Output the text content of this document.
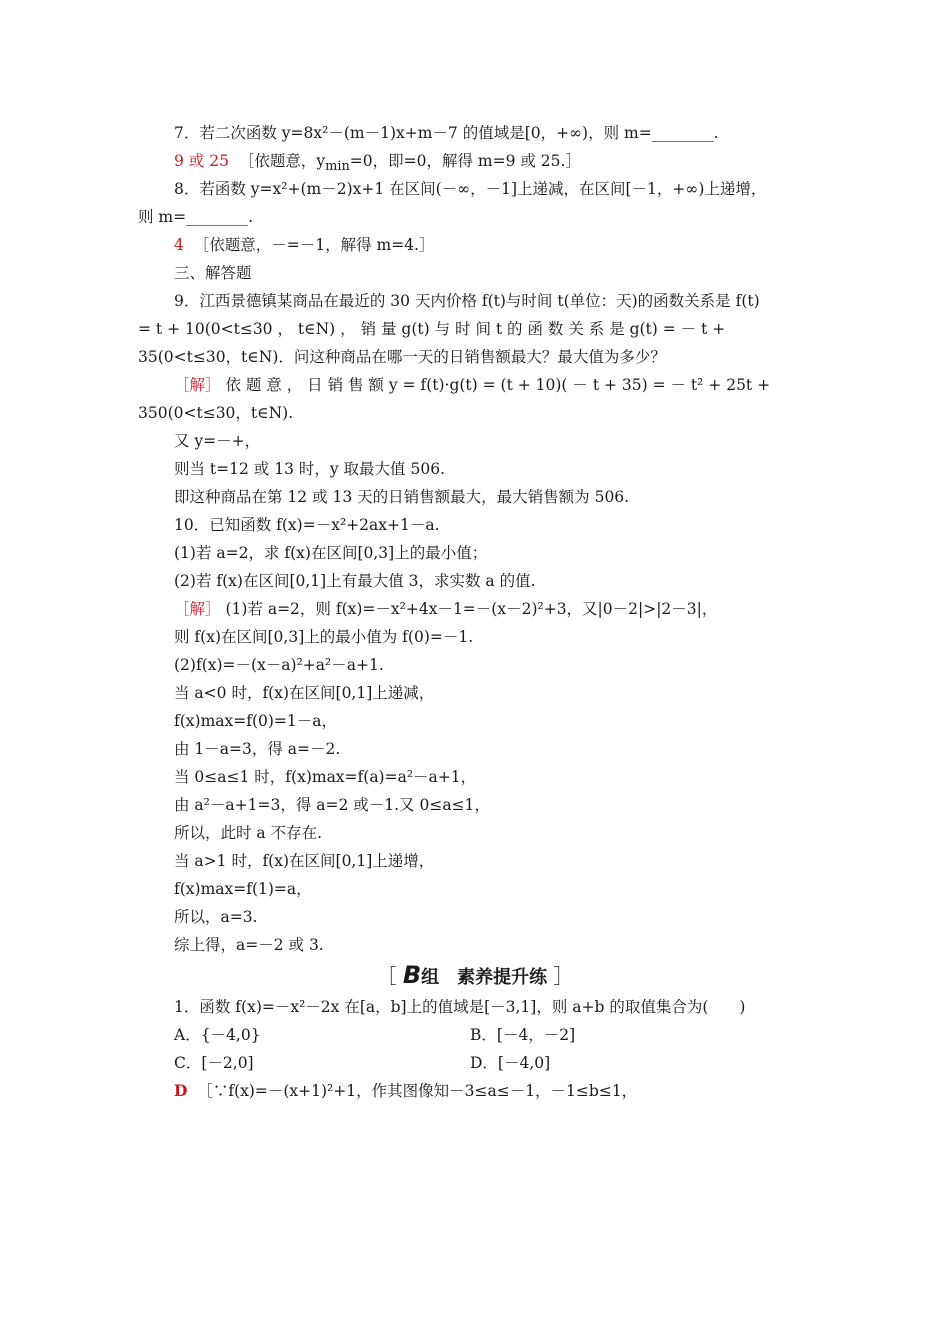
7．若二次函数 y=8x²－(m－1)x+m－7 的值域是[0，+∞)，则 m=________.
9 或 25 ［依题意，$y_{min}=0$，即=0，解得 m=9 或 25.］
8．若函数 y=x²+(m－2)x+1 在区间(－∞，－1]上递减，在区间[－1，+∞)上递增，
则 m=________.
4 ［依题意，－=－1，解得 m=4.］
三、解答题
9．江西景德镇某商品在最近的 30 天内价格 f(t)与时间 t(单位：天)的函数关系是 f(t)
= t + 10(0<t≤30 ， t∈N) ， 销 量 g(t) 与 时 间 t 的 函 数 关 系 是 g(t) = － t +
35(0<t≤30，t∈N)．问这种商品在哪一天的日销售额最大？最大值为多少？
［解］ 依 题 意 ， 日 销 售 额 y = f(t)·g(t) = (t + 10)( － t + 35) = － t² + 25t +
350(0<t≤30，t∈N).
又 y=－+，
则当 t=12 或 13 时，y 取最大值 506.
即这种商品在第 12 或 13 天的日销售额最大，最大销售额为 506.
10．已知函数 f(x)=－x²+2ax+1－a.
(1)若 a=2，求 f(x)在区间[0,3]上的最小值；
(2)若 f(x)在区间[0,1]上有最大值 3，求实数 a 的值.
［解］ (1)若 a=2，则 f(x)=－x²+4x－1=－(x－2)²+3，又|0－2|>|2－3|，
则 f(x)在区间[0,3]上的最小值为 f(0)=－1.
(2)f(x)=－(x－a)²+a²－a+1.
当 a<0 时，f(x)在区间[0,1]上递减，
f(x)max=f(0)=1－a，
由 1－a=3，得 a=－2.
当 0≤a≤1 时，f(x)max=f(a)=a²－a+1，
由 a²－a+1=3，得 a=2 或－1.又 0≤a≤1，
所以，此时 a 不存在.
当 a>1 时，f(x)在区间[0,1]上递增，
f(x)max=f(1)=a，
所以，a=3.
综上得，a=－2 或 3.
［ B组　素养提升练 ］
1．函数 f(x)=－x²－2x 在[a，b]上的值域是[－3,1]，则 a+b 的取值集合为(　　)
A．{－4,0}	B．[－4，－2]
C．[－2,0]	D．[－4,0]
D ［∵f(x)=－(x+1)²+1，作其图像知－3≤a≤－1，－1≤b≤1，
